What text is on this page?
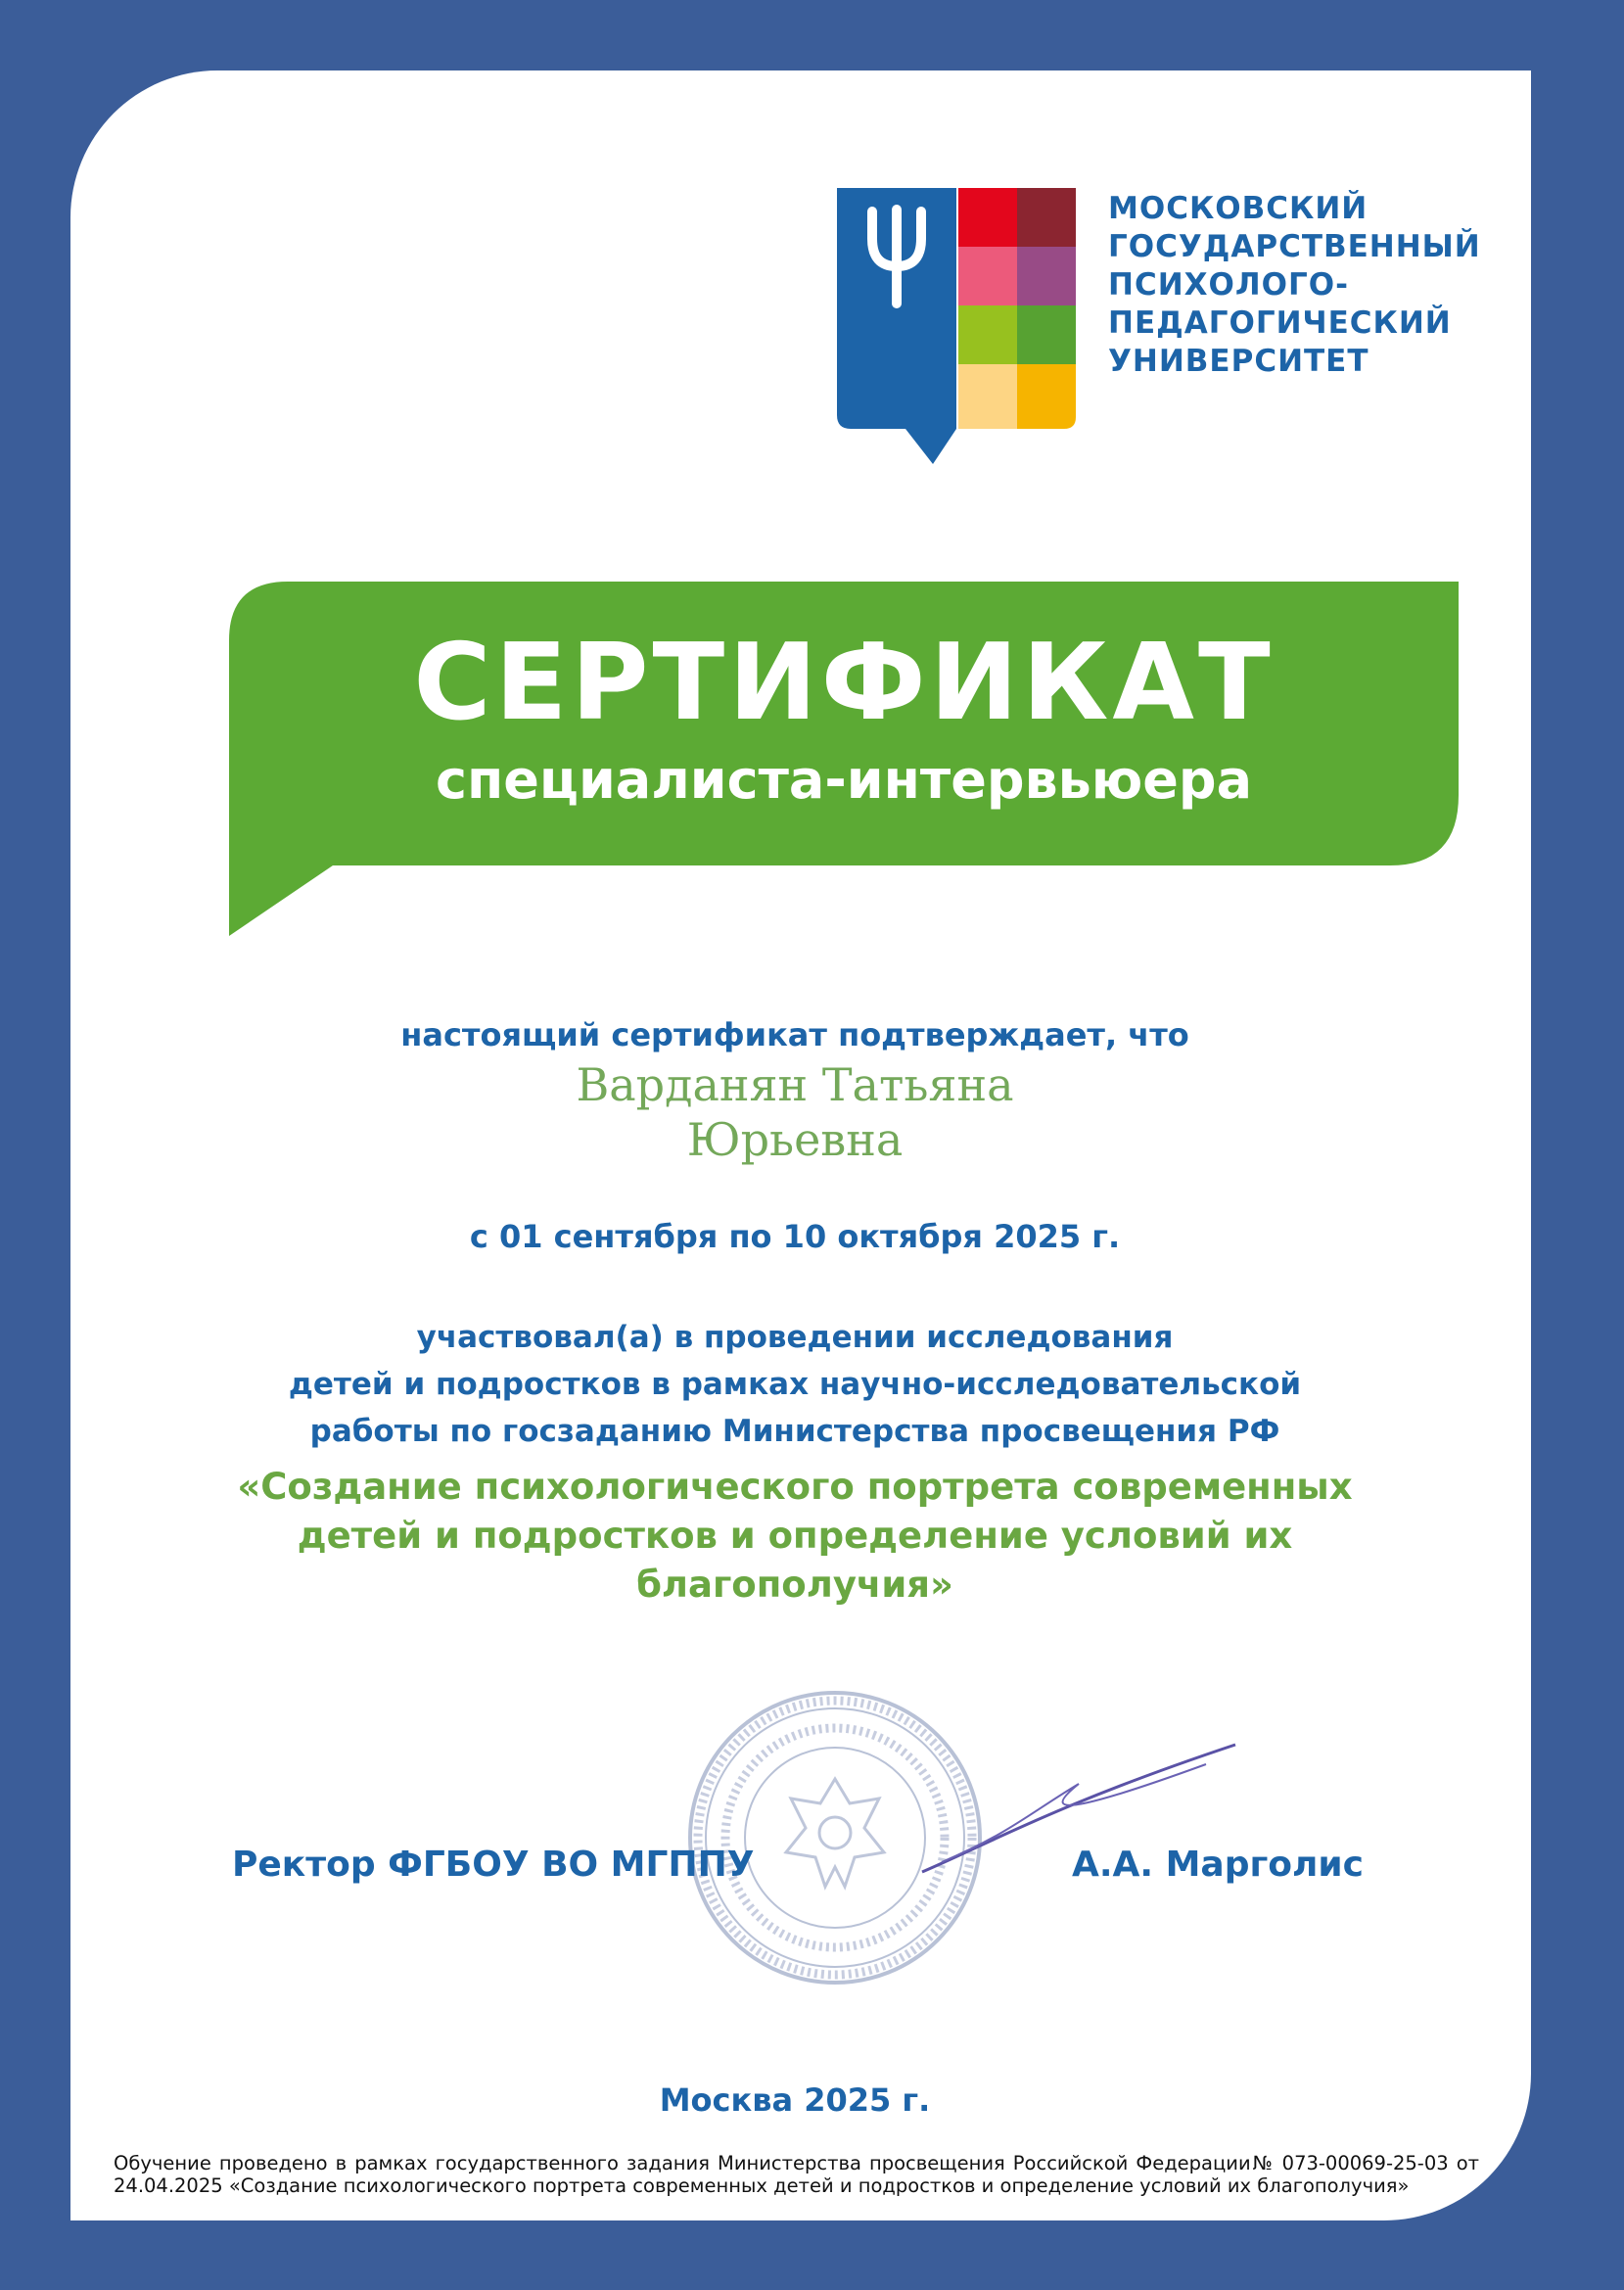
МОСКОВСКИЙ
ГОСУДАРСТВЕННЫЙ
ПСИХОЛОГО-
ПЕДАГОГИЧЕСКИЙ
УНИВЕРСИТЕТ
СЕРТИФИКАТ
специалиста-интервьюера
настоящий сертификат подтверждает, что
Варданян Татьяна
Юрьевна
с 01 сентября по 10 октября 2025 г.
участвовал(а) в проведении исследования
детей и подростков в рамках научно-исследовательской
работы по госзаданию Министерства просвещения РФ
«Создание психологического портрета современных
детей и подростков и определение условий их
благополучия»
Ректор ФГБОУ ВО МГППУ	А.А. Марголис
Москва 2025 г.
Обучение проведено в рамках государственного задания Министерства просвещения Российской Федерации№ 073-00069-25-03 от 24.04.2025 «Создание психологического портрета современных детей и подростков и определение условий их благополучия»
